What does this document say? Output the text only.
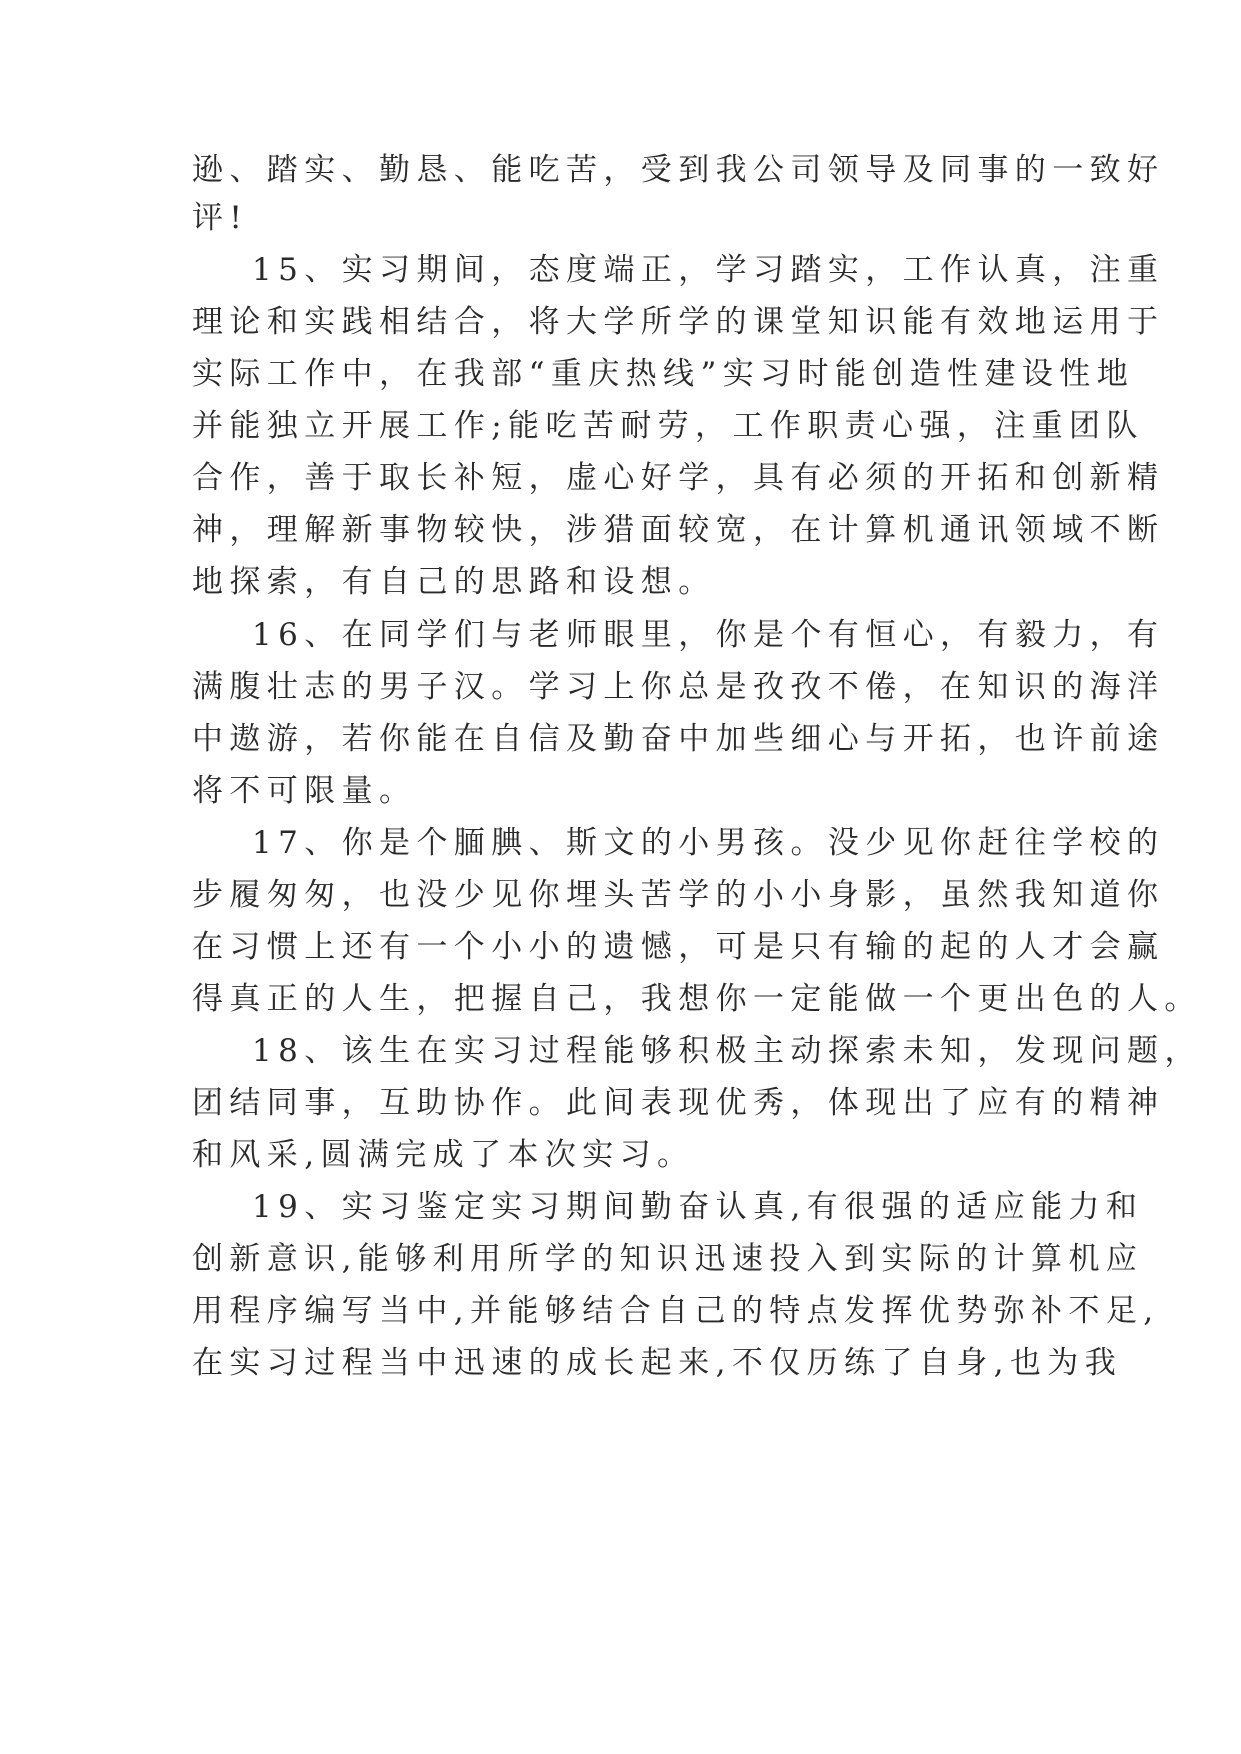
逊、踏实、勤恳、能吃苦，受到我公司领导及同事的一致好
评!
15、实习期间，态度端正，学习踏实，工作认真，注重
理论和实践相结合，将大学所学的课堂知识能有效地运用于
实际工作中，在我部“重庆热线”实习时能创造性建设性地
并能独立开展工作;能吃苦耐劳，工作职责心强，注重团队
合作，善于取长补短，虚心好学，具有必须的开拓和创新精
神，理解新事物较快，涉猎面较宽，在计算机通讯领域不断
地探索，有自己的思路和设想。
16、在同学们与老师眼里，你是个有恒心，有毅力，有
满腹壮志的男子汉。学习上你总是孜孜不倦，在知识的海洋
中遨游，若你能在自信及勤奋中加些细心与开拓，也许前途
将不可限量。
17、你是个腼腆、斯文的小男孩。没少见你赶往学校的
步履匆匆，也没少见你埋头苦学的小小身影，虽然我知道你
在习惯上还有一个小小的遗憾，可是只有输的起的人才会赢
得真正的人生，把握自己，我想你一定能做一个更出色的人。
18、该生在实习过程能够积极主动探索未知，发现问题，
团结同事，互助协作。此间表现优秀，体现出了应有的精神
和风采,圆满完成了本次实习。
19、实习鉴定实习期间勤奋认真,有很强的适应能力和
创新意识,能够利用所学的知识迅速投入到实际的计算机应
用程序编写当中,并能够结合自己的特点发挥优势弥补不足,
在实习过程当中迅速的成长起来,不仅历练了自身,也为我
